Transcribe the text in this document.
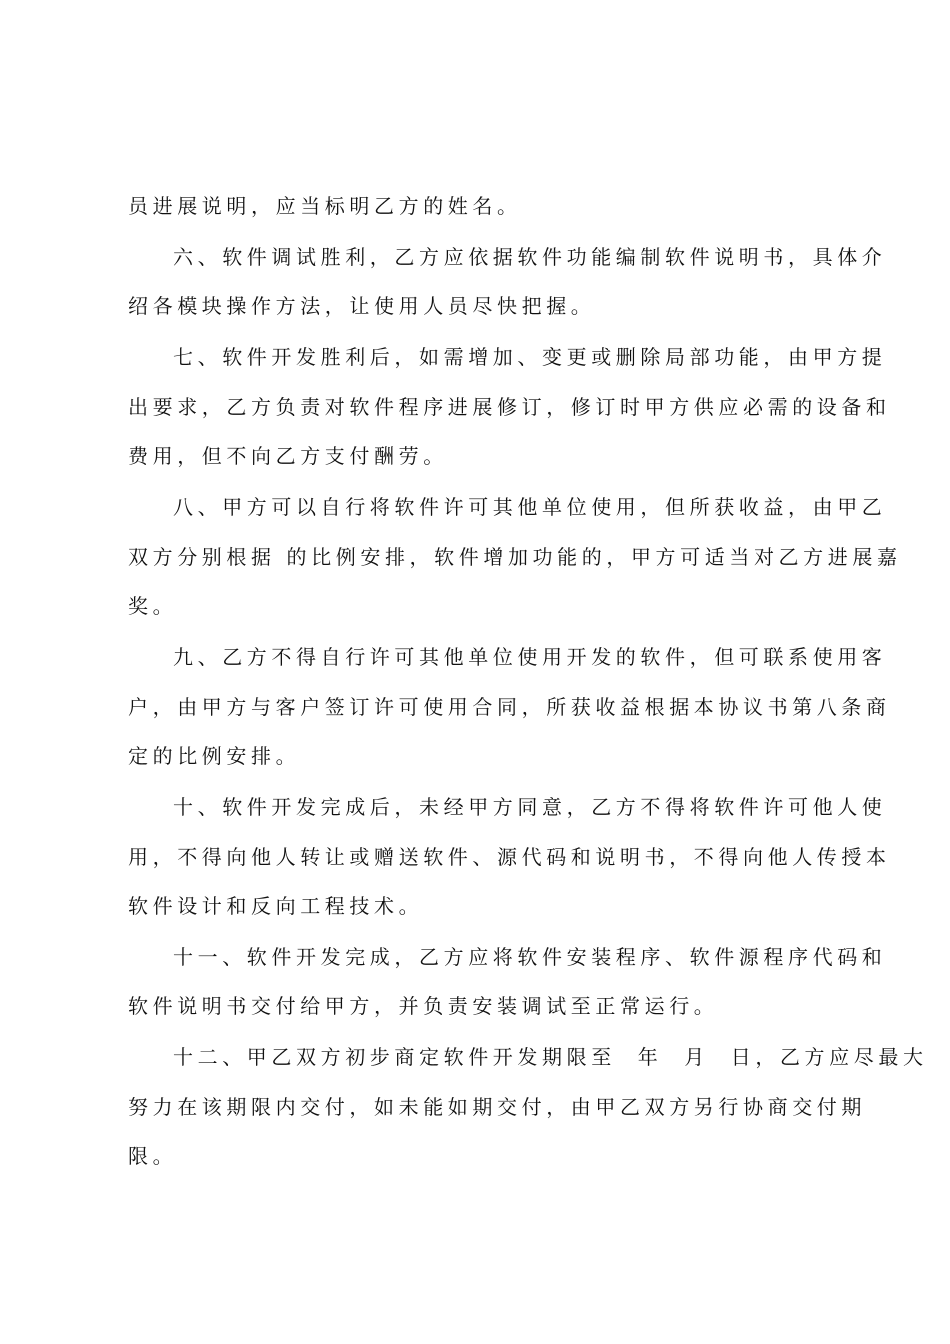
员进展说明，应当标明乙方的姓名。
六、软件调试胜利，乙方应依据软件功能编制软件说明书，具体介
绍各模块操作方法，让使用人员尽快把握。
七、软件开发胜利后，如需增加、变更或删除局部功能，由甲方提
出要求，乙方负责对软件程序进展修订，修订时甲方供应必需的设备和
费用，但不向乙方支付酬劳。
八、甲方可以自行将软件许可其他单位使用，但所获收益，由甲乙
双方分别根据 的比例安排，软件增加功能的，甲方可适当对乙方进展嘉
奖。
九、乙方不得自行许可其他单位使用开发的软件，但可联系使用客
户，由甲方与客户签订许可使用合同，所获收益根据本协议书第八条商
定的比例安排。
十、软件开发完成后，未经甲方同意，乙方不得将软件许可他人使
用，不得向他人转让或赠送软件、源代码和说明书，不得向他人传授本
软件设计和反向工程技术。
十一、软件开发完成，乙方应将软件安装程序、软件源程序代码和
软件说明书交付给甲方，并负责安装调试至正常运行。
十二、甲乙双方初步商定软件开发期限至  年  月  日，乙方应尽最大
努力在该期限内交付，如未能如期交付，由甲乙双方另行协商交付期
限。
